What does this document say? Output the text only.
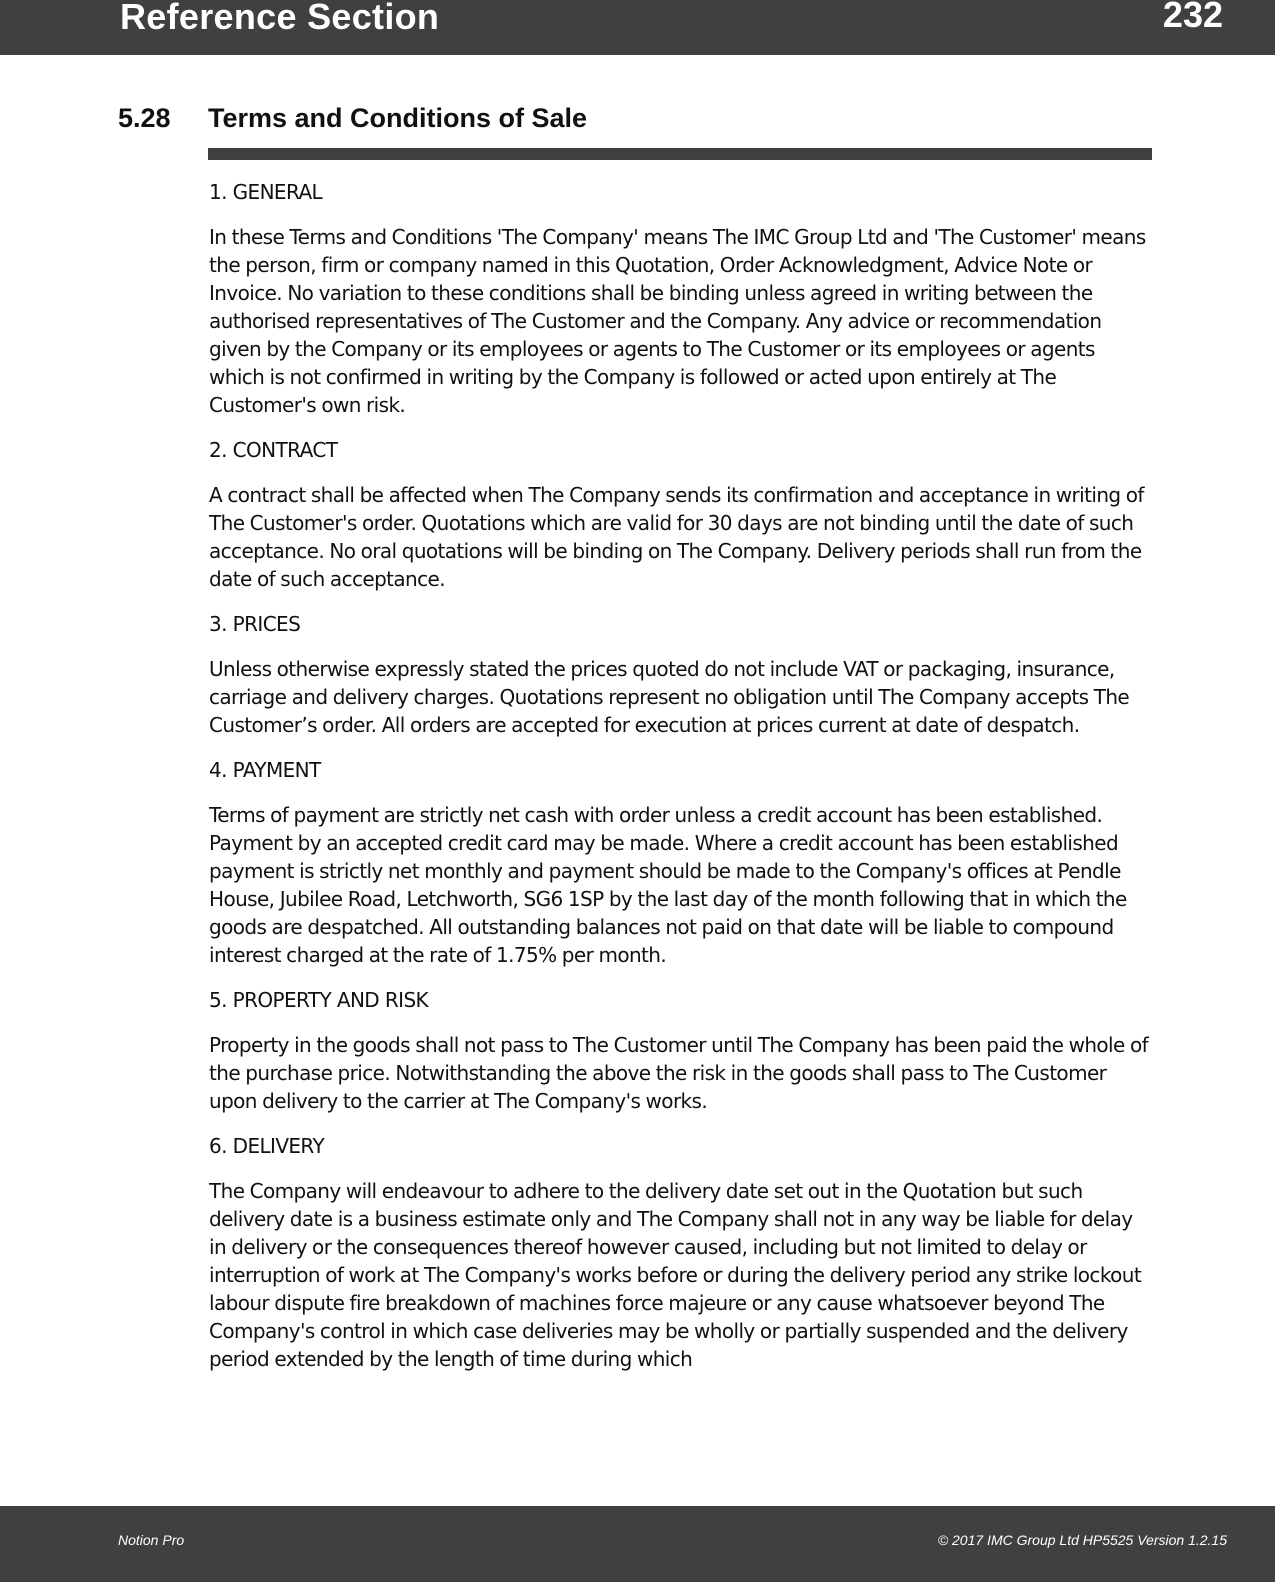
Reference Section	232
5.28 Terms and Conditions of Sale

1. GENERAL

In these Terms and Conditions 'The Company' means The IMC Group Ltd and 'The Customer' means the person, firm or company named in this Quotation, Order Acknowledgment, Advice Note or Invoice. No variation to these conditions shall be binding unless agreed in writing between the authorised representatives of The Customer and the Company. Any advice or recommendation given by the Company or its employees or agents to The Customer or its employees or agents which is not confirmed in writing by the Company is followed or acted upon entirely at The Customer's own risk.

2. CONTRACT

A contract shall be affected when The Company sends its confirmation and acceptance in writing of The Customer's order. Quotations which are valid for 30 days are not binding until the date of such acceptance. No oral quotations will be binding on The Company. Delivery periods shall run from the date of such acceptance.

3. PRICES

Unless otherwise expressly stated the prices quoted do not include VAT or packaging, insurance, carriage and delivery charges. Quotations represent no obligation until The Company accepts The Customer’s order. All orders are accepted for execution at prices current at date of despatch.

4. PAYMENT

Terms of payment are strictly net cash with order unless a credit account has been established. Payment by an accepted credit card may be made. Where a credit account has been established payment is strictly net monthly and payment should be made to the Company's offices at Pendle House, Jubilee Road, Letchworth, SG6 1SP by the last day of the month following that in which the goods are despatched. All outstanding balances not paid on that date will be liable to compound interest charged at the rate of 1.75% per month.

5. PROPERTY AND RISK

Property in the goods shall not pass to The Customer until The Company has been paid the whole of the purchase price. Notwithstanding the above the risk in the goods shall pass to The Customer upon delivery to the carrier at The Company's works.

6. DELIVERY

The Company will endeavour to adhere to the delivery date set out in the Quotation but such delivery date is a business estimate only and The Company shall not in any way be liable for delay in delivery or the consequences thereof however caused, including but not limited to delay or interruption of work at The Company's works before or during the delivery period any strike lockout labour dispute fire breakdown of machines force majeure or any cause whatsoever beyond The Company's control in which case deliveries may be wholly or partially suspended and the delivery period extended by the length of time during which

Notion Pro	© 2017 IMC Group Ltd HP5525 Version 1.2.15
